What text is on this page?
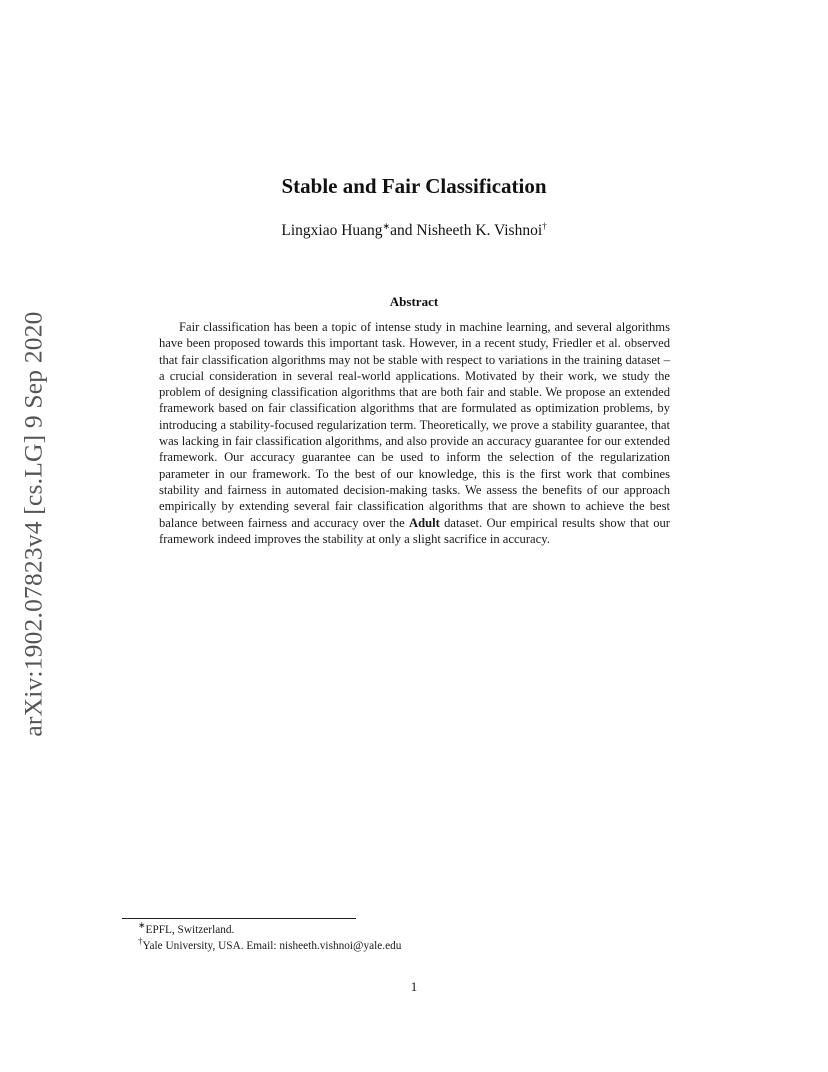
arXiv:1902.07823v4 [cs.LG] 9 Sep 2020
Stable and Fair Classification
Lingxiao Huang∗and Nisheeth K. Vishnoi†
Abstract

Fair classification has been a topic of intense study in machine learning, and several algorithms have been proposed towards this important task. However, in a recent study, Friedler et al. observed that fair classification algorithms may not be stable with respect to variations in the training dataset – a crucial consideration in several real-world applications. Motivated by their work, we study the problem of designing classification algorithms that are both fair and stable. We propose an extended framework based on fair classification algorithms that are formulated as optimization problems, by introducing a stability-focused regularization term. Theoretically, we prove a stability guarantee, that was lacking in fair classification algorithms, and also provide an accuracy guarantee for our extended framework. Our accuracy guarantee can be used to inform the selection of the regularization parameter in our framework. To the best of our knowledge, this is the first work that combines stability and fairness in automated decision-making tasks. We assess the benefits of our approach empirically by extending several fair classification algorithms that are shown to achieve the best balance between fairness and accuracy over the Adult dataset. Our empirical results show that our framework indeed improves the stability at only a slight sacrifice in accuracy.

∗EPFL, Switzerland.
†Yale University, USA. Email: nisheeth.vishnoi@yale.edu
1
